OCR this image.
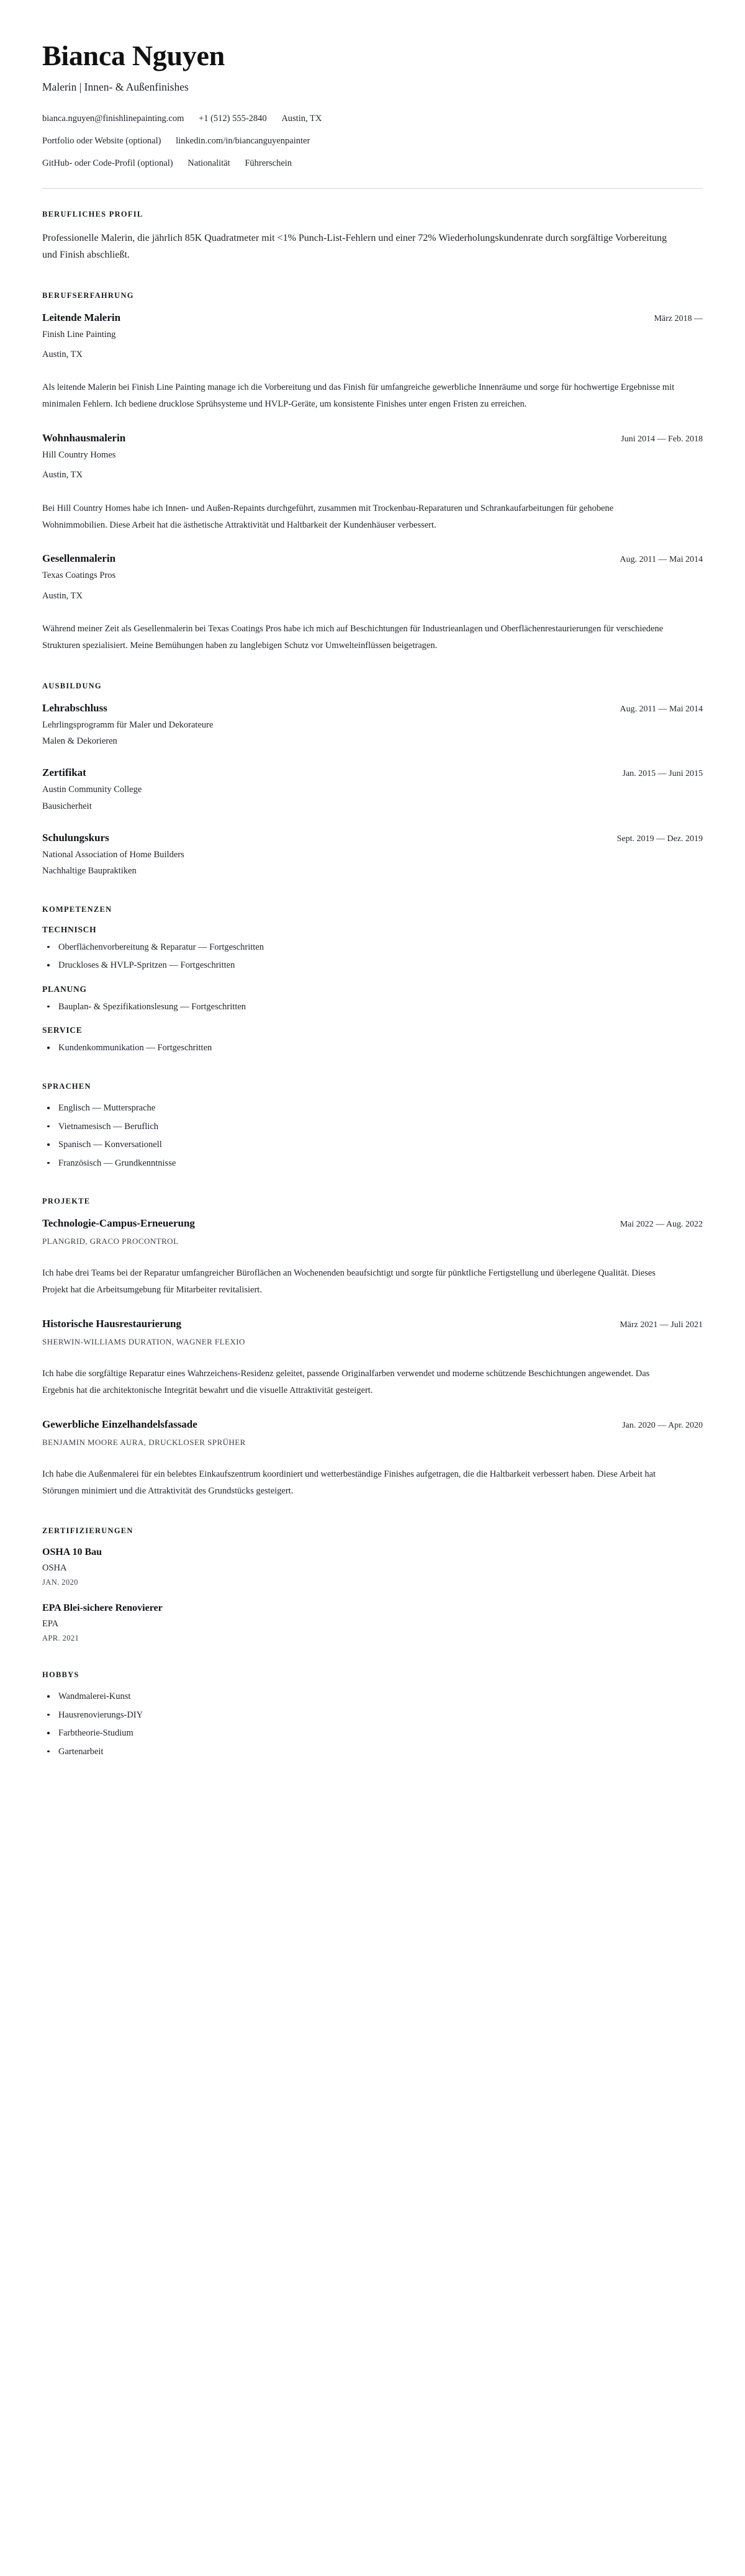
Bianca Nguyen
Malerin | Innen- & Außenfinishes
bianca.nguyen@finishlinepainting.com +1 (512) 555-2840 Austin, TX
Portfolio oder Website (optional) linkedin.com/in/biancanguyenpainter
GitHub- oder Code-Profil (optional) Nationalität Führerschein
BERUFLICHES PROFIL

Professionelle Malerin, die jährlich 85K Quadratmeter mit <1% Punch-List-Fehlern und einer 72% Wiederholungskundenrate durch sorgfältige Vorbereitung und Finish abschließt.

BERUFSERFAHRUNG
Leitende Malerin	März 2018 —
Finish Line Painting
Austin, TX
Als leitende Malerin bei Finish Line Painting manage ich die Vorbereitung und das Finish für umfangreiche gewerbliche Innenräume und sorge für hochwertige Ergebnisse mit minimalen Fehlern. Ich bediene drucklose Sprühsysteme und HVLP-Geräte, um konsistente Finishes unter engen Fristen zu erreichen.
Wohnhausmalerin	Juni 2014 — Feb. 2018
Hill Country Homes
Austin, TX
Bei Hill Country Homes habe ich Innen- und Außen-Repaints durchgeführt, zusammen mit Trockenbau-Reparaturen und Schrankaufarbeitungen für gehobene Wohnimmobilien. Diese Arbeit hat die ästhetische Attraktivität und Haltbarkeit der Kundenhäuser verbessert.
Gesellenmalerin	Aug. 2011 — Mai 2014
Texas Coatings Pros
Austin, TX
Während meiner Zeit als Gesellenmalerin bei Texas Coatings Pros habe ich mich auf Beschichtungen für Industrieanlagen und Oberflächenrestaurierungen für verschiedene Strukturen spezialisiert. Meine Bemühungen haben zu langlebigen Schutz vor Umwelteinflüssen beigetragen.
AUSBILDUNG
Lehrabschluss	Aug. 2011 — Mai 2014
Lehrlingsprogramm für Maler und Dekorateure
Malen & Dekorieren
Zertifikat	Jan. 2015 — Juni 2015
Austin Community College
Bausicherheit
Schulungskurs	Sept. 2019 — Dez. 2019
National Association of Home Builders
Nachhaltige Baupraktiken
KOMPETENZEN
TECHNISCH
Oberflächenvorbereitung & Reparatur — Fortgeschritten
Druckloses & HVLP-Spritzen — Fortgeschritten
PLANUNG
Bauplan- & Spezifikationslesung — Fortgeschritten
SERVICE
Kundenkommunikation — Fortgeschritten
SPRACHEN
Englisch — Muttersprache
Vietnamesisch — Beruflich
Spanisch — Konversationell
Französisch — Grundkenntnisse
PROJEKTE
Technologie-Campus-Erneuerung	Mai 2022 — Aug. 2022
PLANGRID, GRACO PROCONTROL
Ich habe drei Teams bei der Reparatur umfangreicher Büroflächen an Wochenenden beaufsichtigt und sorgte für pünktliche Fertigstellung und überlegene Qualität. Dieses Projekt hat die Arbeitsumgebung für Mitarbeiter revitalisiert.
Historische Hausrestaurierung	März 2021 — Juli 2021
SHERWIN-WILLIAMS DURATION, WAGNER FLEXIO
Ich habe die sorgfältige Reparatur eines Wahrzeichens-Residenz geleitet, passende Originalfarben verwendet und moderne schützende Beschichtungen angewendet. Das Ergebnis hat die architektonische Integrität bewahrt und die visuelle Attraktivität gesteigert.
Gewerbliche Einzelhandelsfassade	Jan. 2020 — Apr. 2020
BENJAMIN MOORE AURA, DRUCKLOSER SPRÜHER
Ich habe die Außenmalerei für ein belebtes Einkaufszentrum koordiniert und wetterbeständige Finishes aufgetragen, die die Haltbarkeit verbessert haben. Diese Arbeit hat Störungen minimiert und die Attraktivität des Grundstücks gesteigert.
ZERTIFIZIERUNGEN
OSHA 10 Bau
OSHA
JAN. 2020
EPA Blei-sichere Renovierer
EPA
APR. 2021
HOBBYS
Wandmalerei-Kunst
Hausrenovierungs-DIY
Farbtheorie-Studium
Gartenarbeit
